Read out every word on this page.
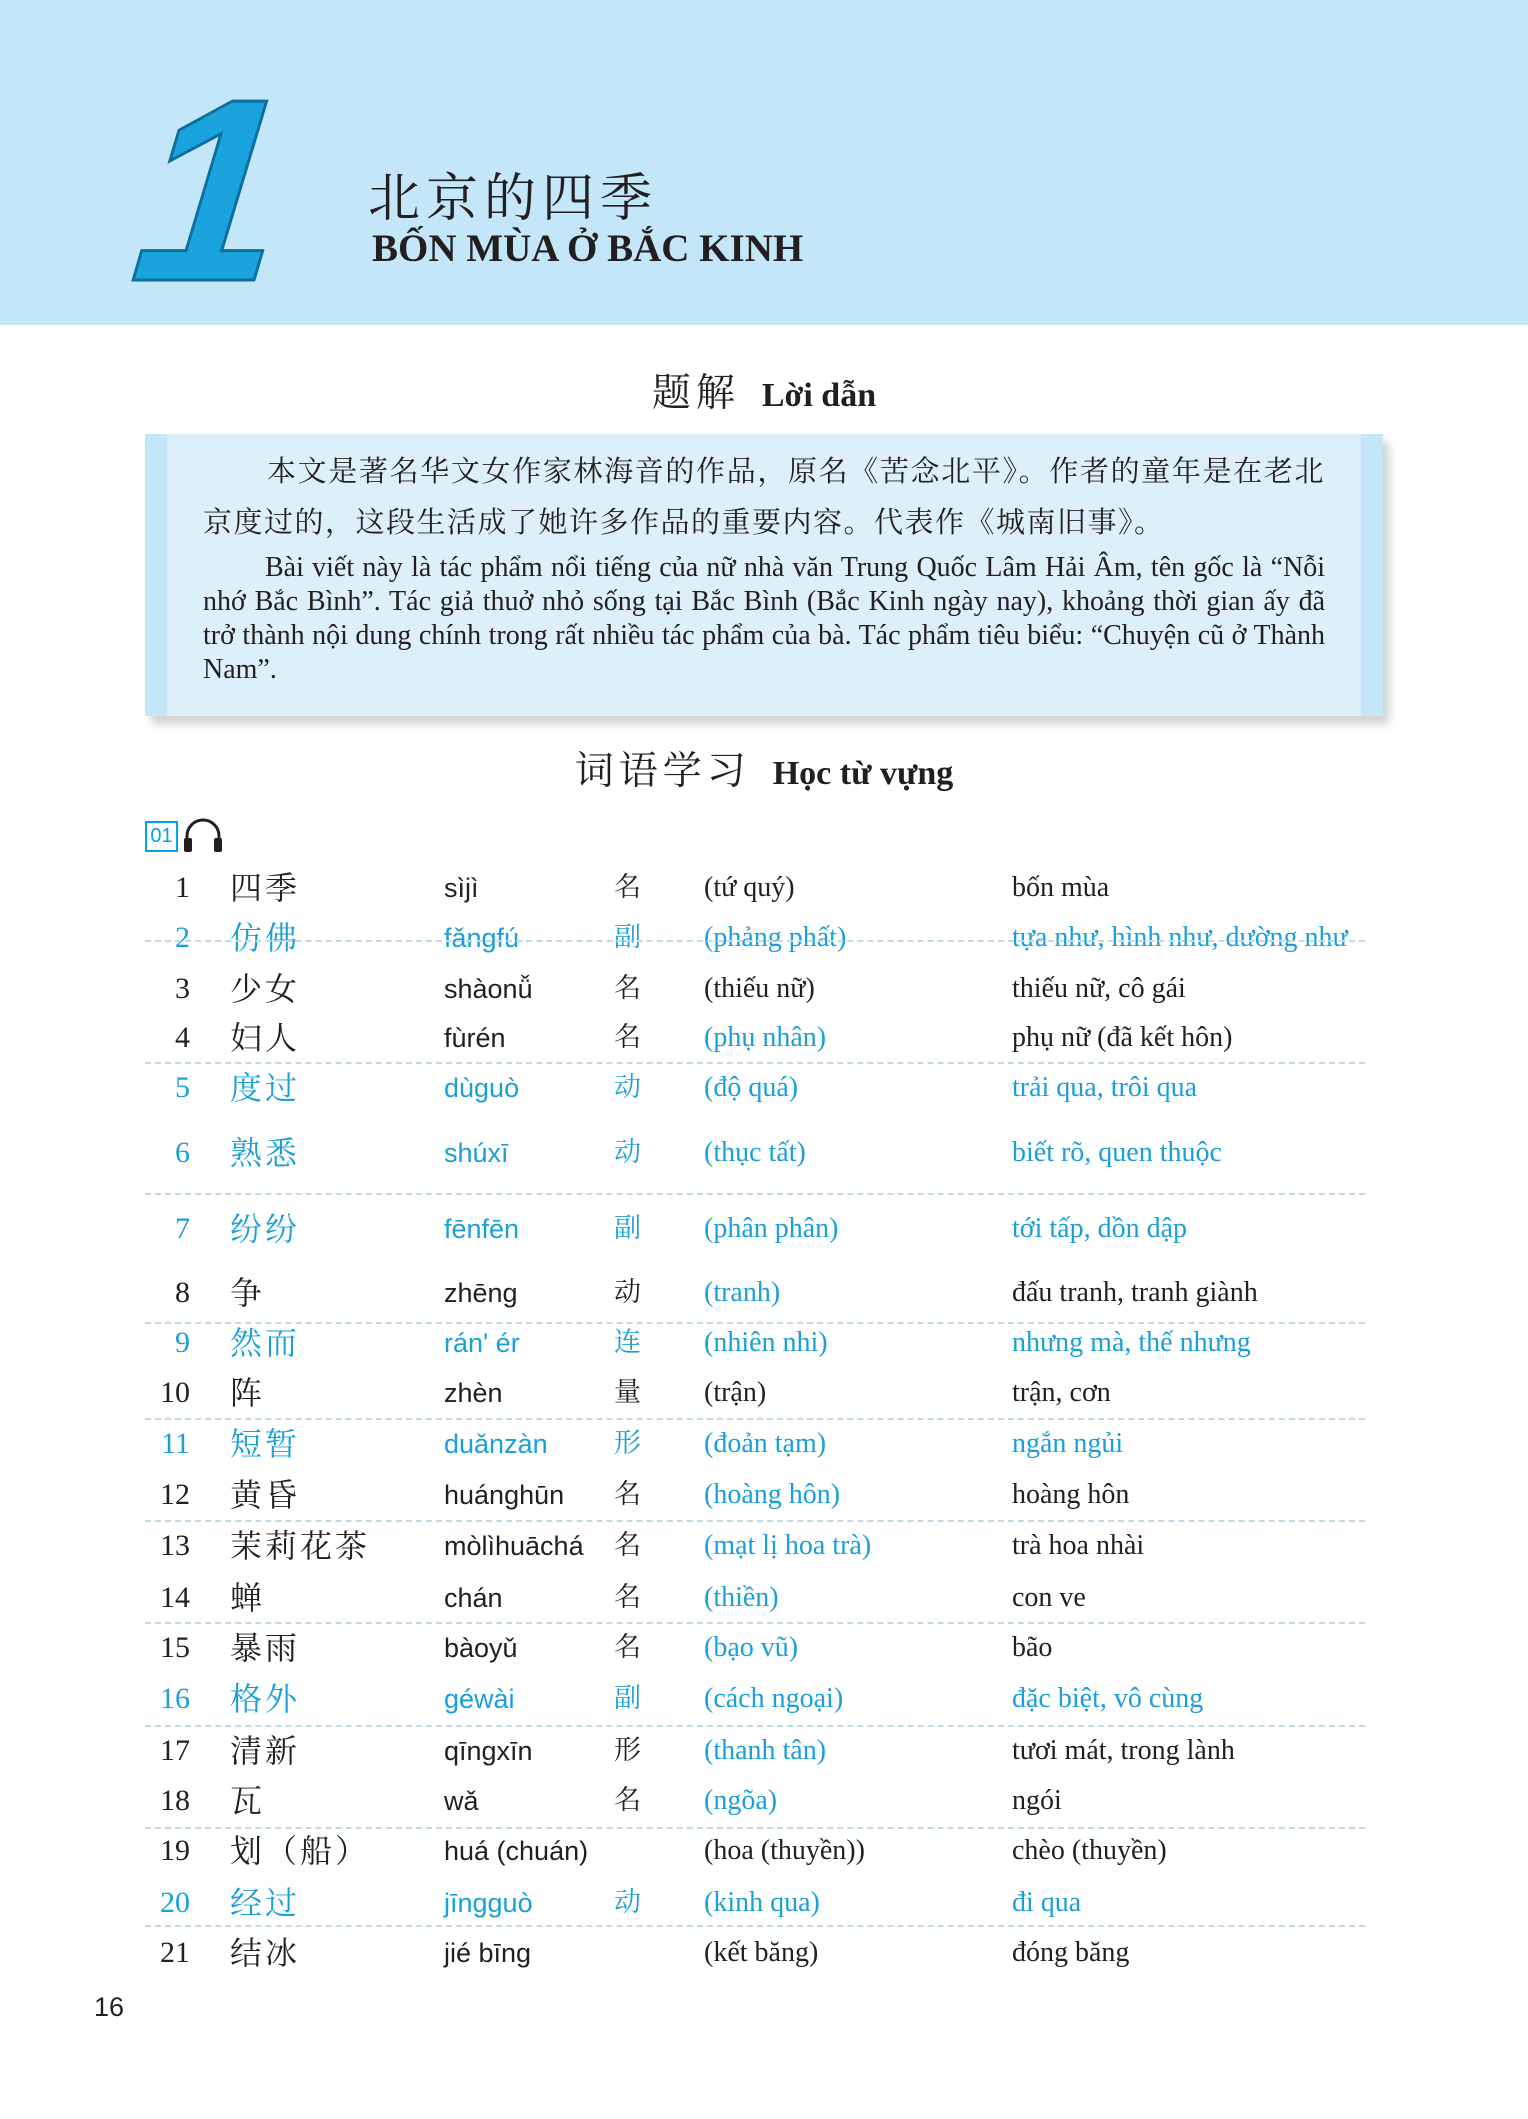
1 北京的四季
BỐN MÙA Ở BẮC KINH
题解 Lời dẫn
本文是著名华文女作家林海音的作品，原名《苦念北平》。作者的童年是在老北京度过的，这段生活成了她许多作品的重要内容。代表作《城南旧事》。
Bài viết này là tác phẩm nổi tiếng của nữ nhà văn Trung Quốc Lâm Hải Âm, tên gốc là “Nỗi nhớ Bắc Bình”. Tác giả thuở nhỏ sống tại Bắc Bình (Bắc Kinh ngày nay), khoảng thời gian ấy đã trở thành nội dung chính trong rất nhiều tác phẩm của bà. Tác phẩm tiêu biểu: “Chuyện cũ ở Thành Nam”.
词语学习 Học từ vựng
01
1 四季	sìjì	名 (tứ quý)	bốn mùa
2 仿佛	fǎngfú	副 (phảng phất)	tựa như, hình như, dường như
3 少女	shàonǚ	名 (thiếu nữ)	thiếu nữ, cô gái
4 妇人	fùrén	名 (phụ nhân)	phụ nữ (đã kết hôn)
5 度过	dùguò	动 (độ quá)	trải qua, trôi qua
6 熟悉	shúxī	动 (thục tất)	biết rõ, quen thuộc
7 纷纷	fēnfēn	副 (phân phân)	tới tấp, dồn dập
8 争	zhēng	动 (tranh)	đấu tranh, tranh giành
9 然而	rán' ér	连 (nhiên nhi)	nhưng mà, thế nhưng
10 阵	zhèn	量 (trận)	trận, cơn
11 短暂	duǎnzàn 形 (đoản tạm)	ngắn ngủi
12 黄昏	huánghūn 名 (hoàng hôn)	hoàng hôn
13 茉莉花茶	mòlìhuāchá 名 (mạt lị hoa trà)	trà hoa nhài
14 蝉	chán	名 (thiền)	con ve
15 暴雨	bàoyǔ	名 (bạo vũ)	bão
16 格外	géwài	副 (cách ngoại)	đặc biệt, vô cùng
17 清新	qīngxīn	形 (thanh tân)	tươi mát, trong lành
18 瓦	wǎ	名 (ngõa)	ngói
19 划（船）	huá (chuán)	(hoa (thuyền))	chèo (thuyền)
20 经过	jīngguò	动 (kinh qua)	đi qua
21 结冰	jié bīng	(kết băng)	đóng băng
16
